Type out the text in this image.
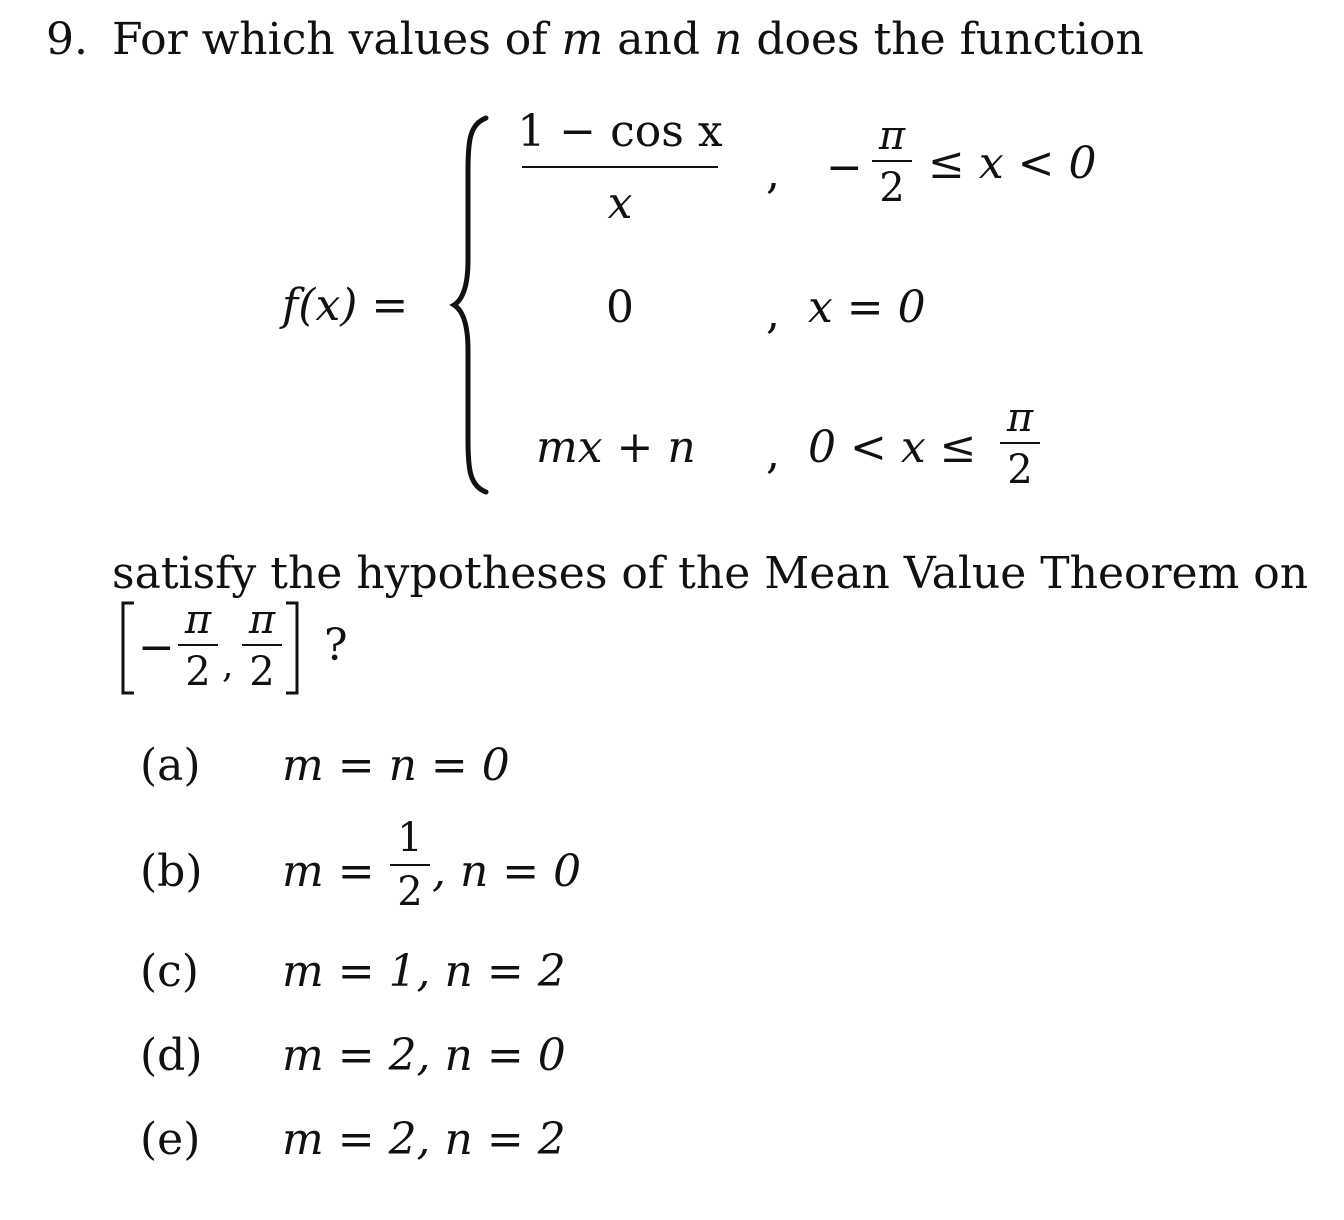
9. For which values of m and n does the function
f(x) =
1 − cos x
x
, −
π
2 ≤ x < 0
0	, x = 0
mx + n , 0 < x ≤
π
2
satisfy the hypotheses of the Mean Value Theorem on
−
π
2 ,
π
2
?
(a) m = n = 0
(b) m =
1
2 , n = 0
(c) m = 1, n = 2
(d) m = 2, n = 0
(e) m = 2, n = 2
